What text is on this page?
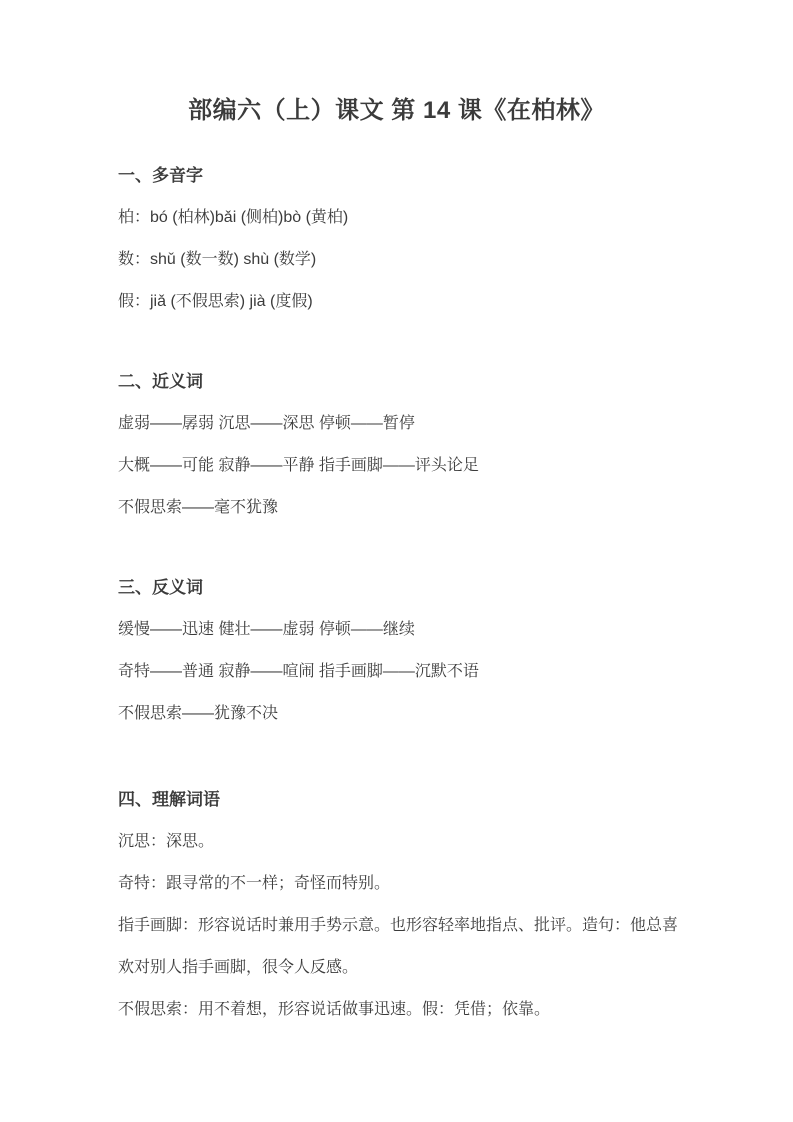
部编六（上）课文 第 14 课《在柏林》
一、多音字

柏：bó (柏林)bǎi (侧柏)bò (黄柏)

数：shǔ (数一数) shù (数学)

假：jiǎ (不假思索) jià (度假)

二、近义词

虚弱——孱弱 沉思——深思 停顿——暂停

大概——可能 寂静——平静 指手画脚——评头论足

不假思索——毫不犹豫

三、反义词

缓慢——迅速 健壮——虚弱 停顿——继续

奇特——普通 寂静——喧闹 指手画脚——沉默不语

不假思索——犹豫不决

四、理解词语

沉思：深思。

奇特：跟寻常的不一样；奇怪而特别。

指手画脚：形容说话时兼用手势示意。也形容轻率地指点、批评。造句：他总喜欢对别人指手画脚，很令人反感。

不假思索：用不着想，形容说话做事迅速。假：凭借；依靠。
